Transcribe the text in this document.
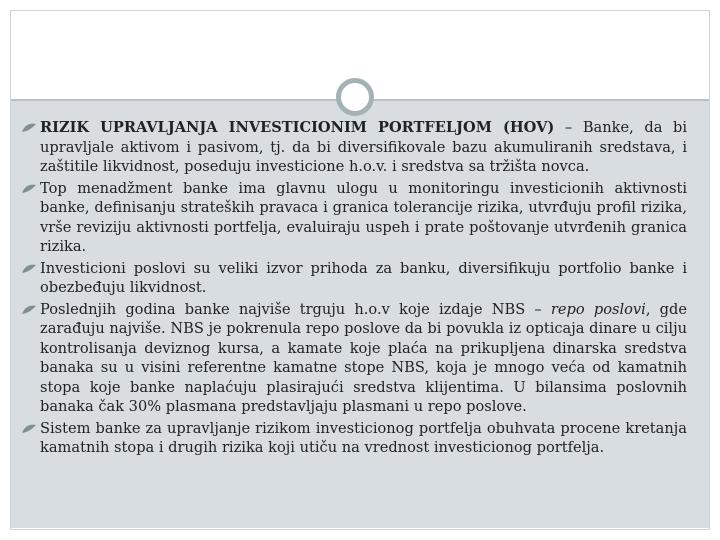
RIZIK UPRAVLJANJA INVESTICIONIM PORTFELJOM (HOV) – Banke, da bi upravljale aktivom i pasivom, tj. da bi diversifikovale bazu akumuliranih sredstava, i zaštitile likvidnost, poseduju investicione h.o.v. i sredstva sa tržišta novca.
Top menadžment banke ima glavnu ulogu u monitoringu investicionih aktivnosti banke, definisanju strateških pravaca i granica tolerancije rizika, utvrđuju profil rizika, vrše reviziju aktivnosti portfelja, evaluiraju uspeh i prate poštovanje utvrđenih granica rizika.
Investicioni poslovi su veliki izvor prihoda za banku, diversifikuju portfolio banke i obezbeđuju likvidnost.
Poslednjih godina banke najviše trguju h.o.v koje izdaje NBS – repo poslovi, gde zarađuju najviše. NBS je pokrenula repo poslove da bi povukla iz opticaja dinare u cilju kontrolisanja deviznog kursa, a kamate koje plaća na prikupljena dinarska sredstva banaka su u visini referentne kamatne stope NBS, koja je mnogo veća od kamatnih stopa koje banke naplaćuju plasirajući sredstva klijentima. U bilansima poslovnih banaka čak 30% plasmana predstavljaju plasmani u repo poslove.
Sistem banke za upravljanje rizikom investicionog portfelja obuhvata procene kretanja kamatnih stopa i drugih rizika koji utiču na vrednost investicionog portfelja.
